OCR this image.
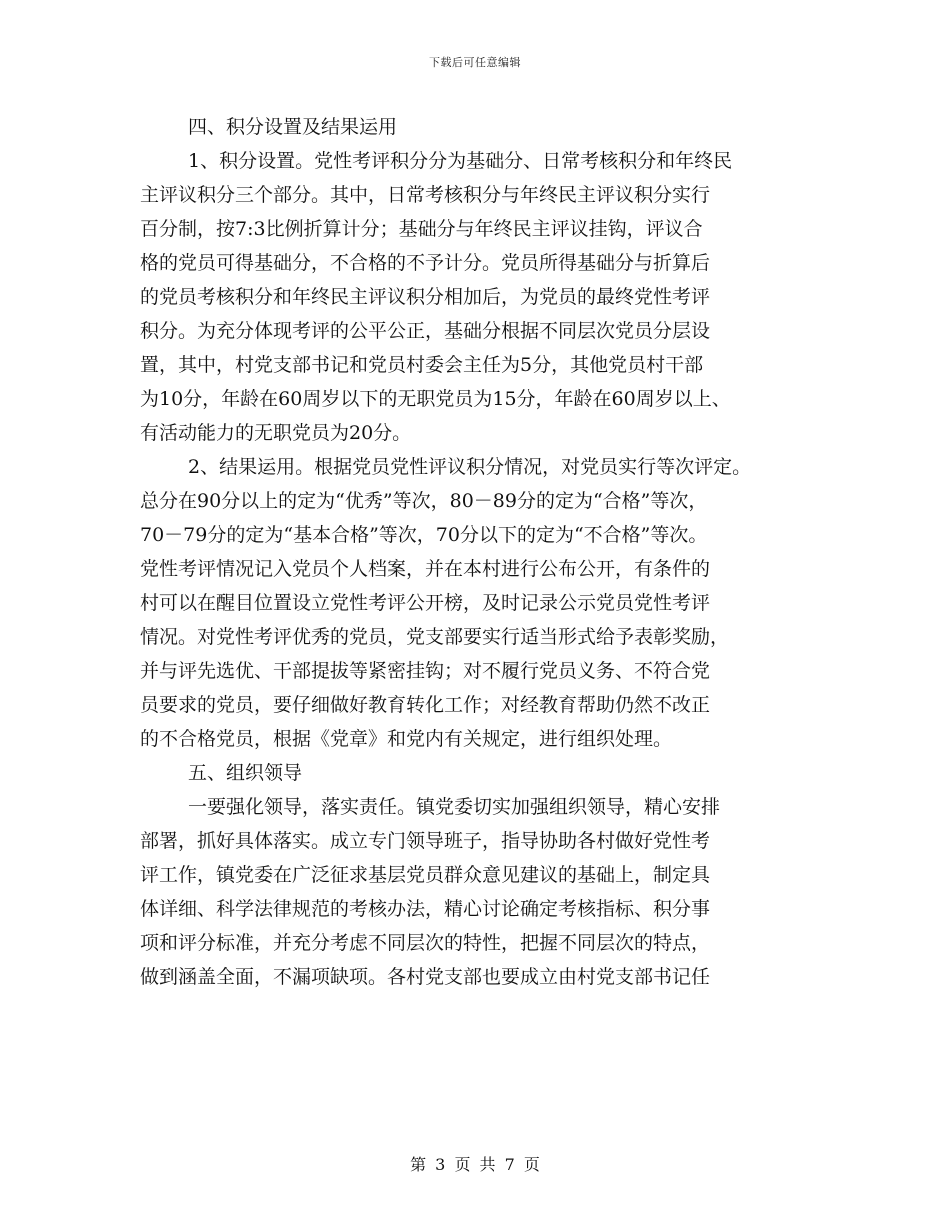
下载后可任意编辑
四、积分设置及结果运用
1、积分设置。党性考评积分分为基础分、日常考核积分和年终民
主评议积分三个部分。其中，日常考核积分与年终民主评议积分实行
百分制，按7:3比例折算计分；基础分与年终民主评议挂钩，评议合
格的党员可得基础分，不合格的不予计分。党员所得基础分与折算后
的党员考核积分和年终民主评议积分相加后，为党员的最终党性考评
积分。为充分体现考评的公平公正，基础分根据不同层次党员分层设
置，其中，村党支部书记和党员村委会主任为5分，其他党员村干部
为10分，年龄在60周岁以下的无职党员为15分，年龄在60周岁以上、
有活动能力的无职党员为20分。
2、结果运用。根据党员党性评议积分情况，对党员实行等次评定。
总分在90分以上的定为“优秀”等次，80－89分的定为“合格”等次，
70－79分的定为“基本合格”等次，70分以下的定为“不合格”等次。
党性考评情况记入党员个人档案，并在本村进行公布公开，有条件的
村可以在醒目位置设立党性考评公开榜，及时记录公示党员党性考评
情况。对党性考评优秀的党员，党支部要实行适当形式给予表彰奖励，
并与评先选优、干部提拔等紧密挂钩；对不履行党员义务、不符合党
员要求的党员，要仔细做好教育转化工作；对经教育帮助仍然不改正
的不合格党员，根据《党章》和党内有关规定，进行组织处理。
五、组织领导
一要强化领导，落实责任。镇党委切实加强组织领导，精心安排
部署，抓好具体落实。成立专门领导班子，指导协助各村做好党性考
评工作，镇党委在广泛征求基层党员群众意见建议的基础上，制定具
体详细、科学法律规范的考核办法，精心讨论确定考核指标、积分事
项和评分标准，并充分考虑不同层次的特性，把握不同层次的特点，
做到涵盖全面，不漏项缺项。各村党支部也要成立由村党支部书记任
第 3 页 共 7 页
